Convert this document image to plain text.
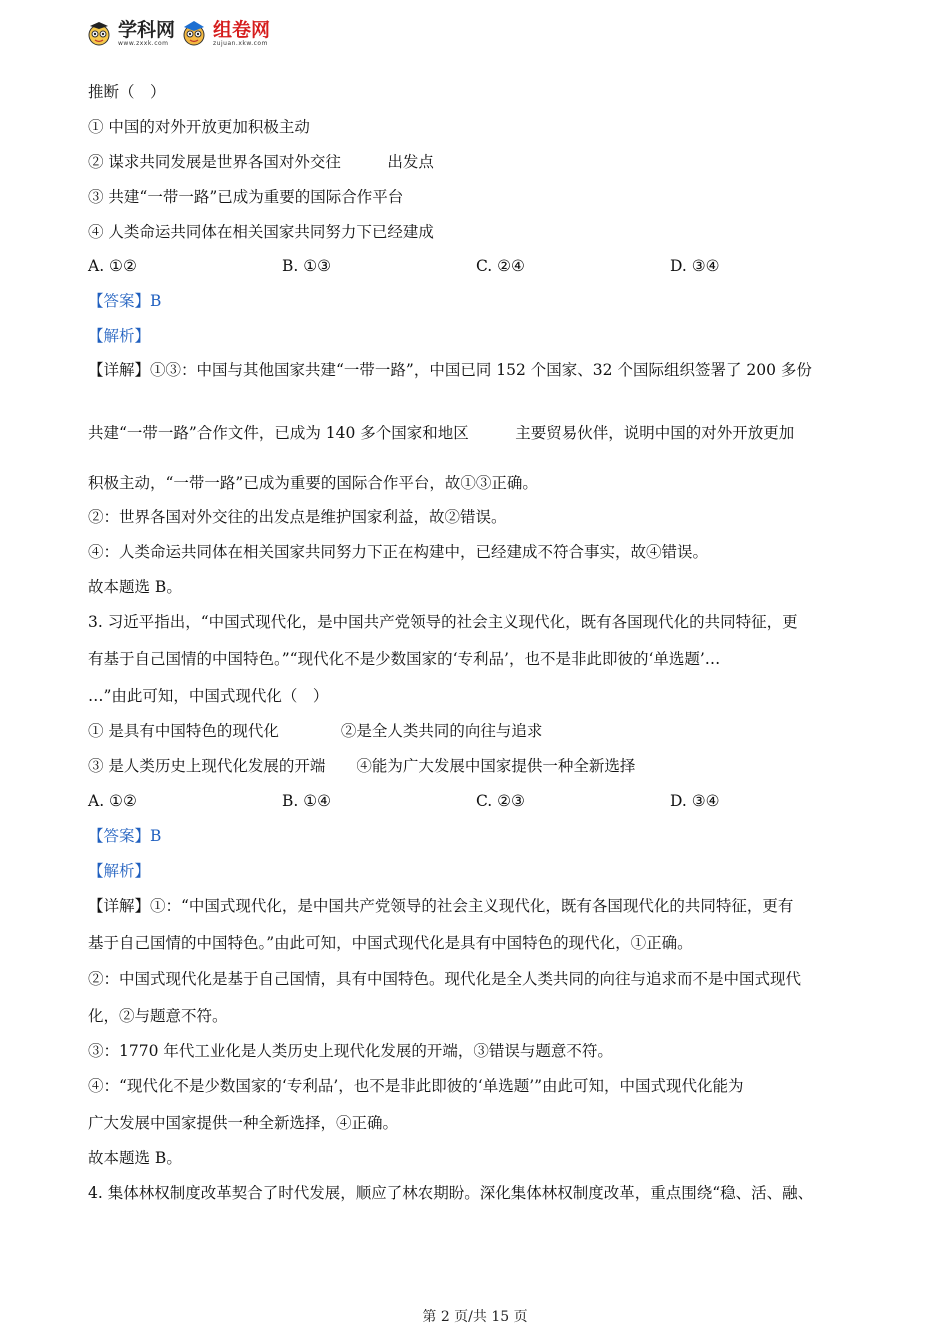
学科网
www.zxxk.com
组卷网
zujuan.xkw.com
推断（　）
① 中国的对外开放更加积极主动
② 谋求共同发展是世界各国对外交往　　　出发点
③ 共建“一带一路”已成为重要的国际合作平台
④ 人类命运共同体在相关国家共同努力下已经建成
A. ①②	B. ①③	C. ②④	D. ③④
【答案】B
【解析】
【详解】①③：中国与其他国家共建“一带一路”，中国已同 152 个国家、32 个国际组织签署了 200 多份
共建“一带一路”合作文件，已成为 140 多个国家和地区　　　主要贸易伙伴，说明中国的对外开放更加
积极主动，“一带一路”已成为重要的国际合作平台，故①③正确。
②：世界各国对外交往的出发点是维护国家利益，故②错误。
④：人类命运共同体在相关国家共同努力下正在构建中，已经建成不符合事实，故④错误。
故本题选 B。
3. 习近平指出，“中国式现代化，是中国共产党领导的社会主义现代化，既有各国现代化的共同特征，更
有基于自己国情的中国特色。”“现代化不是少数国家的‘专利品’，也不是非此即彼的‘单选题’…
…”由此可知，中国式现代化（　）
① 是具有中国特色的现代化　　　　②是全人类共同的向往与追求
③ 是人类历史上现代化发展的开端　　④能为广大发展中国家提供一种全新选择
A. ①②	B. ①④	C. ②③	D. ③④
【答案】B
【解析】
【详解】①：“中国式现代化，是中国共产党领导的社会主义现代化，既有各国现代化的共同特征，更有
基于自己国情的中国特色。”由此可知，中国式现代化是具有中国特色的现代化，①正确。
②：中国式现代化是基于自己国情，具有中国特色。现代化是全人类共同的向往与追求而不是中国式现代
化，②与题意不符。
③：1770 年代工业化是人类历史上现代化发展的开端，③错误与题意不符。
④：“现代化不是少数国家的‘专利品’，也不是非此即彼的‘单选题’”由此可知，中国式现代化能为
广大发展中国家提供一种全新选择，④正确。
故本题选 B。
4. 集体林权制度改革契合了时代发展，顺应了林农期盼。深化集体林权制度改革，重点围绕“稳、活、融、
第 2 页/共 15 页
